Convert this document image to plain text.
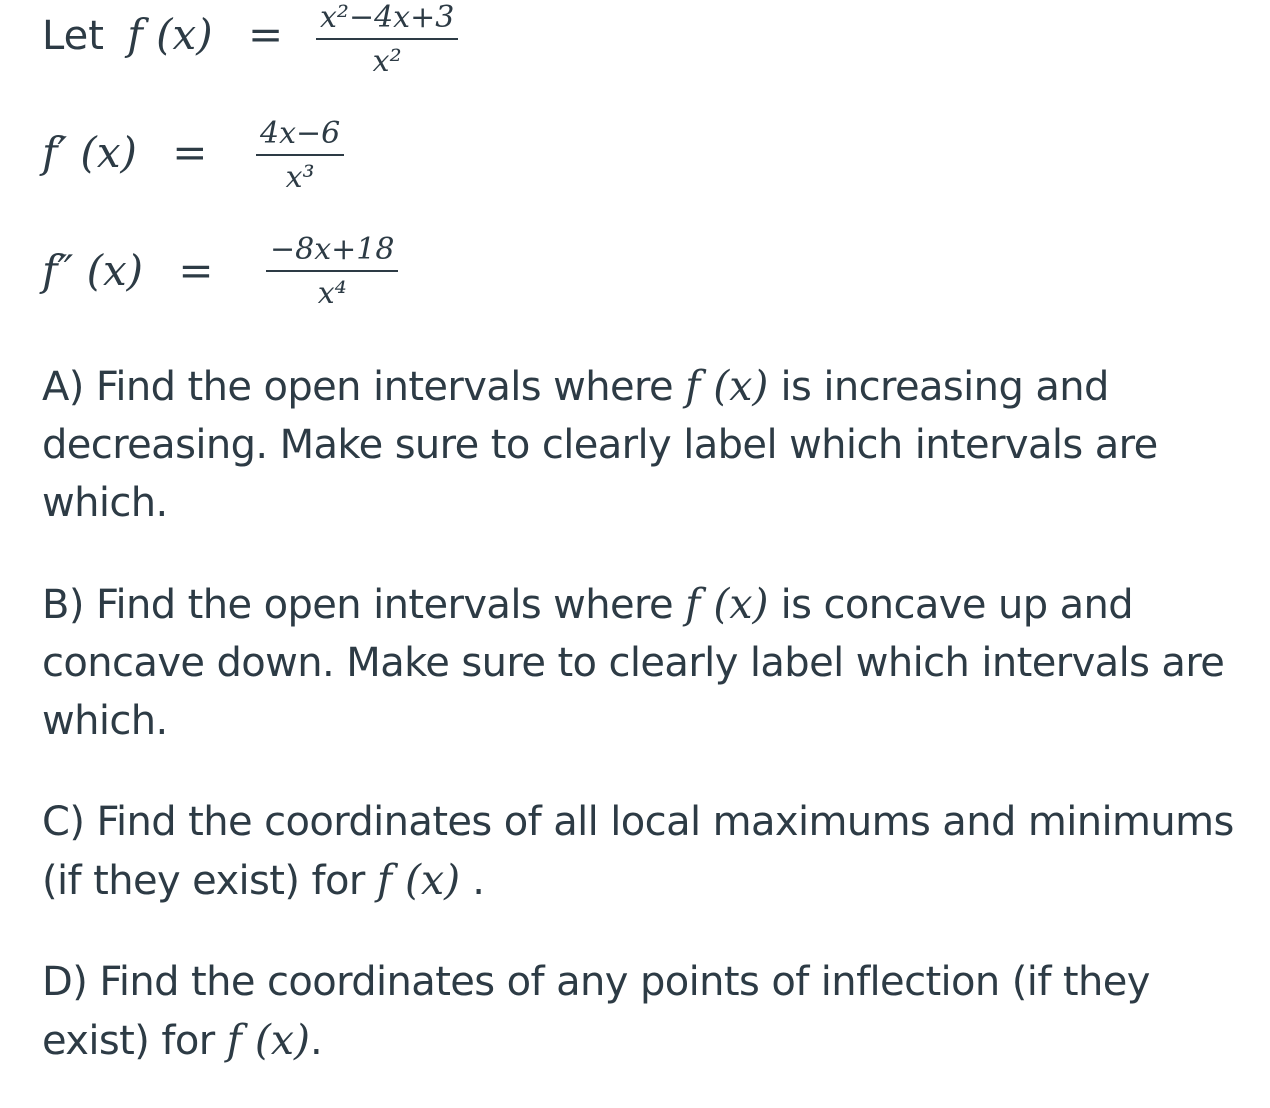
Let f (x) = x²−4x+3
x²
f′ (x) = 4x−6
x³
f″ (x) = −8x+18
x⁴
A) Find the open intervals where f (x) is increasing and decreasing. Make sure to clearly label which intervals are which.
B) Find the open intervals where f (x) is concave up and concave down. Make sure to clearly label which intervals are which.
C) Find the coordinates of all local maximums and minimums (if they exist) for f (x) .
D) Find the coordinates of any points of inflection (if they exist) for f (x).
